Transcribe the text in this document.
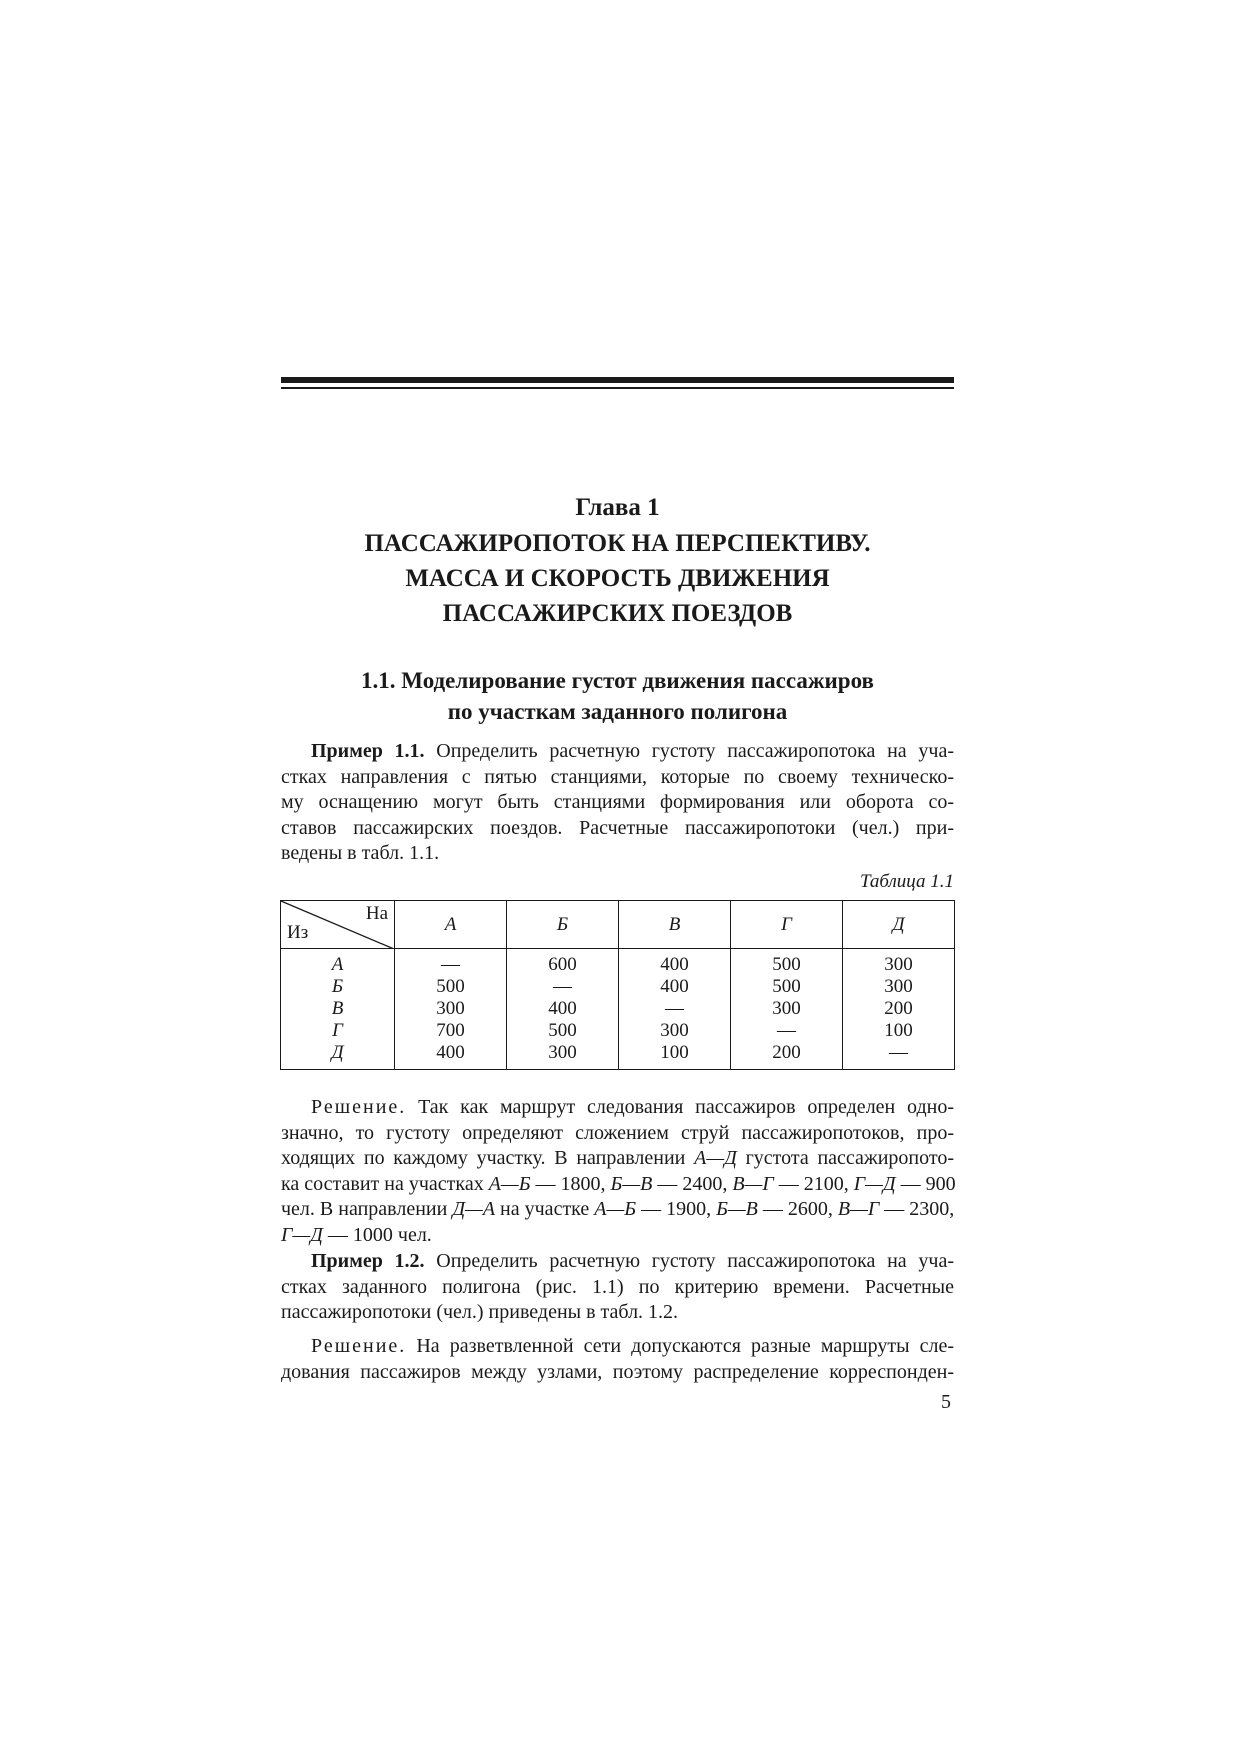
Глава 1
ПАССАЖИРОПОТОК НА ПЕРСПЕКТИВУ.
МАССА И СКОРОСТЬ ДВИЖЕНИЯ
ПАССАЖИРСКИХ ПОЕЗДОВ
1.1. Моделирование густот движения пассажиров
по участкам заданного полигона
Пример 1.1. Определить расчетную густоту пассажиропотока на уча-
стках направления с пятью станциями, которые по своему техническо-
му оснащению могут быть станциями формирования или оборота со-
ставов пассажирских поездов. Расчетные пассажиропотоки (чел.) при-
ведены в табл. 1.1.
Таблица 1.1
На
Из	А	Б	В	Г	Д
А	—	600	400	500	300
Б	500	—	400	500	300
В	300	400	—	300	200
Г	700	500	300	—	100
Д	400	300	100	200	—
Решение. Так как маршрут следования пассажиров определен одно-
значно, то густоту определяют сложением струй пассажиропотоков, про-
ходящих по каждому участку. В направлении А—Д густота пассажиропото-
ка составит на участках А—Б — 1800, Б—В — 2400, В—Г — 2100, Г—Д — 900
чел. В направлении Д—А на участке А—Б — 1900, Б—В — 2600, В—Г — 2300,
Г—Д — 1000 чел.
Пример 1.2. Определить расчетную густоту пассажиропотока на уча-
стках заданного полигона (рис. 1.1) по критерию времени. Расчетные
пассажиропотоки (чел.) приведены в табл. 1.2.
Решение. На разветвленной сети допускаются разные маршруты сле-
дования пассажиров между узлами, поэтому распределение корреспонден-
5
